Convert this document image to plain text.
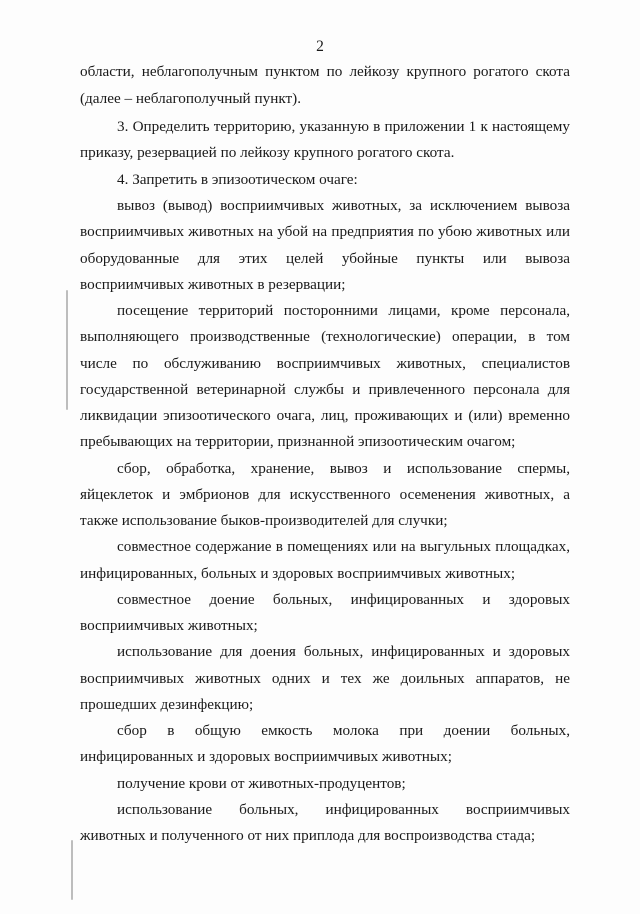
2
области, неблагополучным пунктом по лейкозу крупного рогатого скота
(далее – неблагополучный пункт).
3. Определить территорию, указанную в приложении 1 к настоящему
приказу, резервацией по лейкозу крупного рогатого скота.
4. Запретить в эпизоотическом очаге:
вывоз (вывод) восприимчивых животных, за исключением вывоза
восприимчивых животных на убой на предприятия по убою животных или
оборудованные для этих целей убойные пункты или вывоза
восприимчивых животных в резервации;
посещение территорий посторонними лицами, кроме персонала,
выполняющего производственные (технологические) операции, в том
числе по обслуживанию восприимчивых животных, специалистов
государственной ветеринарной службы и привлеченного персонала для
ликвидации эпизоотического очага, лиц, проживающих и (или) временно
пребывающих на территории, признанной эпизоотическим очагом;
сбор, обработка, хранение, вывоз и использование спермы,
яйцеклеток и эмбрионов для искусственного осеменения животных, а
также использование быков-производителей для случки;
совместное содержание в помещениях или на выгульных площадках,
инфицированных, больных и здоровых восприимчивых животных;
совместное доение больных, инфицированных и здоровых
восприимчивых животных;
использование для доения больных, инфицированных и здоровых
восприимчивых животных одних и тех же доильных аппаратов, не
прошедших дезинфекцию;
сбор в общую емкость молока при доении больных,
инфицированных и здоровых восприимчивых животных;
получение крови от животных-продуцентов;
использование больных, инфицированных восприимчивых
животных и полученного от них приплода для воспроизводства стада;
